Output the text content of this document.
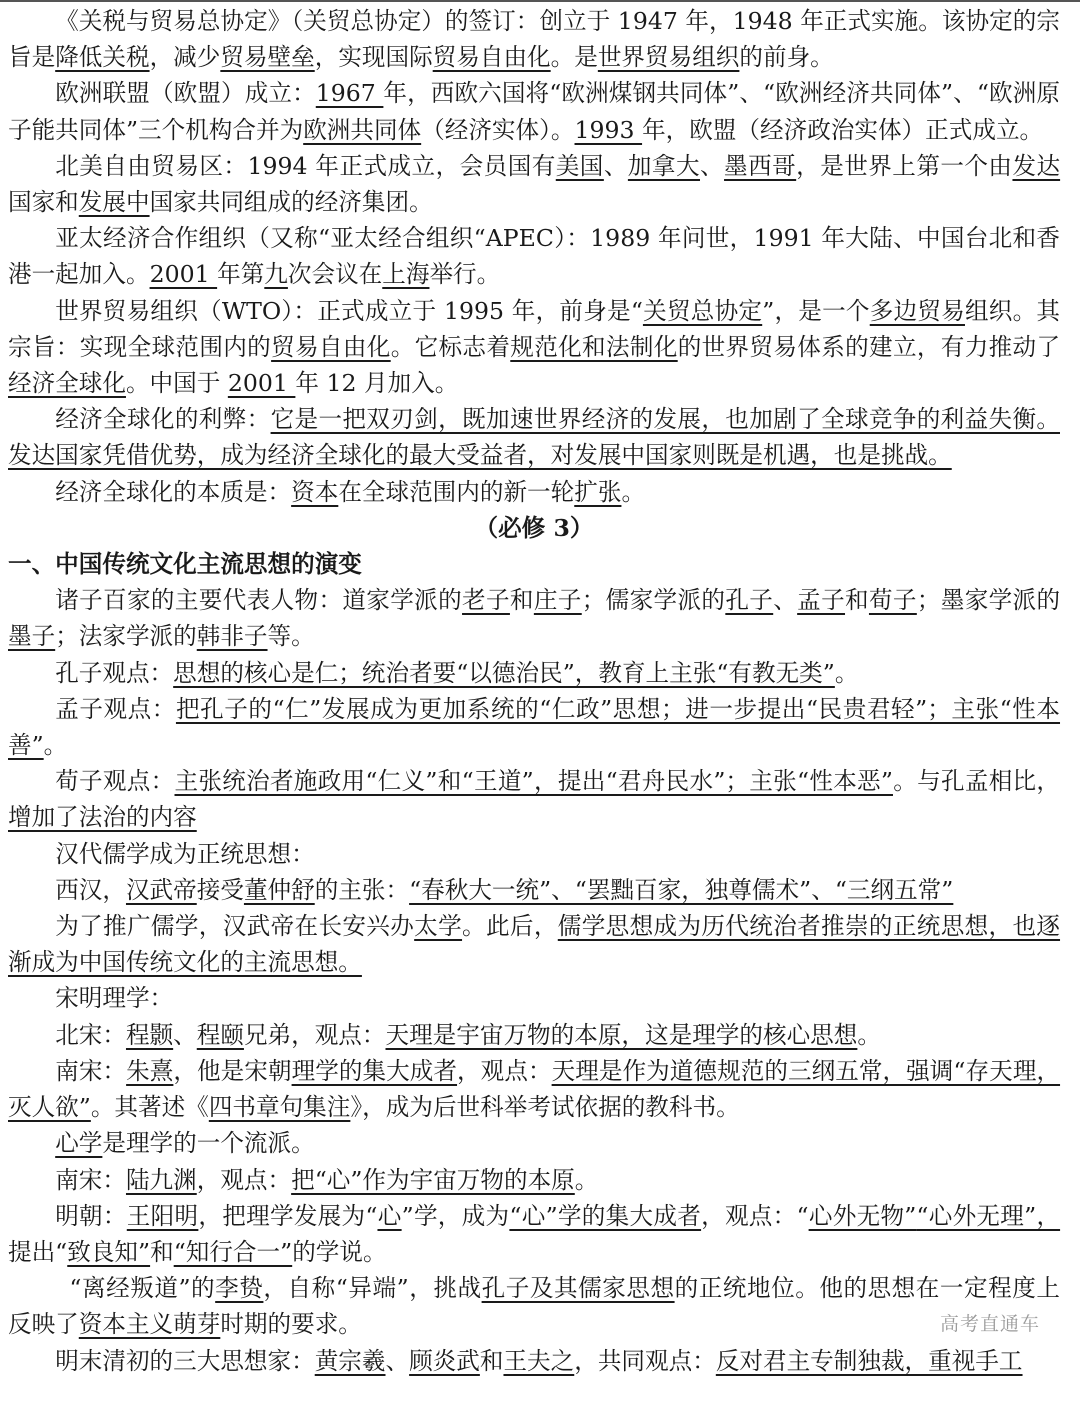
《关税与贸易总协定》（关贸总协定）的签订：创立于 1947 年，1948 年正式实施。该协定的宗旨是降低关税，减少贸易壁垒，实现国际贸易自由化。是世界贸易组织的前身。

欧洲联盟（欧盟）成立：1967 年，西欧六国将“欧洲煤钢共同体”、“欧洲经济共同体”、“欧洲原子能共同体”三个机构合并为欧洲共同体（经济实体）。1993 年，欧盟（经济政治实体）正式成立。

北美自由贸易区：1994 年正式成立，会员国有美国、加拿大、墨西哥，是世界上第一个由发达国家和发展中国家共同组成的经济集团。

亚太经济合作组织（又称“亚太经合组织“APEC）：1989 年问世，1991 年大陆、中国台北和香港一起加入。2001 年第九次会议在上海举行。

世界贸易组织（WTO）：正式成立于 1995 年，前身是“关贸总协定”，是一个多边贸易组织。其宗旨：实现全球范围内的贸易自由化。它标志着规范化和法制化的世界贸易体系的建立，有力推动了经济全球化。中国于 2001 年 12 月加入。

经济全球化的利弊：它是一把双刃剑，既加速世界经济的发展，也加剧了全球竞争的利益失衡。发达国家凭借优势，成为经济全球化的最大受益者，对发展中国家则既是机遇，也是挑战。

经济全球化的本质是：资本在全球范围内的新一轮扩张。

（必修 3）

一、中国传统文化主流思想的演变

诸子百家的主要代表人物：道家学派的老子和庄子；儒家学派的孔子、孟子和荀子；墨家学派的墨子；法家学派的韩非子等。

孔子观点：思想的核心是仁；统治者要“以德治民”，教育上主张“有教无类”。

孟子观点：把孔子的“仁”发展成为更加系统的“仁政”思想；进一步提出“民贵君轻”；主张“性本善”。

荀子观点：主张统治者施政用“仁义”和“王道”，提出“君舟民水”；主张“性本恶”。与孔孟相比，增加了法治的内容

汉代儒学成为正统思想：

西汉，汉武帝接受董仲舒的主张：“春秋大一统”、“罢黜百家，独尊儒术”、“三纲五常”

为了推广儒学，汉武帝在长安兴办太学。此后，儒学思想成为历代统治者推崇的正统思想，也逐渐成为中国传统文化的主流思想。

宋明理学：

北宋：程颢、程颐兄弟，观点：天理是宇宙万物的本原，这是理学的核心思想。

南宋：朱熹，他是宋朝理学的集大成者，观点：天理是作为道德规范的三纲五常，强调“存天理，灭人欲”。其著述《四书章句集注》，成为后世科举考试依据的教科书。

心学是理学的一个流派。

南宋：陆九渊，观点：把“心”作为宇宙万物的本原。

明朝：王阳明，把理学发展为“心”学，成为“心”学的集大成者，观点：“心外无物”“心外无理”，提出“致良知”和“知行合一”的学说。

“离经叛道”的李贽，自称“异端”，挑战孔子及其儒家思想的正统地位。他的思想在一定程度上反映了资本主义萌芽时期的要求。	高考直通车

明末清初的三大思想家：黄宗羲、顾炎武和王夫之，共同观点：反对君主专制独裁，重视手工
